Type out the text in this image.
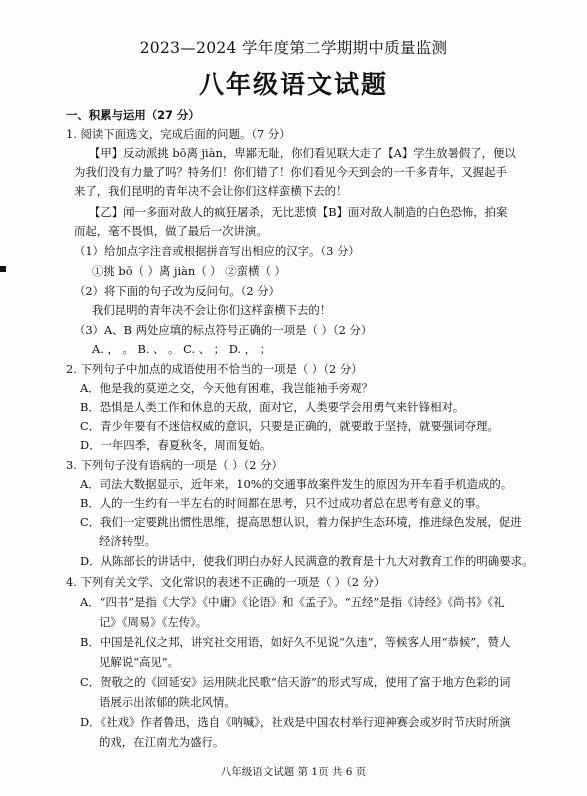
2023—2024 学年度第二学期期中质量监测
八年级语文试题
一、积累与运用（27 分）
1. 阅读下面选文，完成后面的问题。（7 分）
【甲】反动派挑 bō离 jiàn，卑鄙无耻，你们看见联大走了【A】学生放暑假了，便以
为我们没有力量了吗？特务们！你们错了！你们看见今天到会的一千多青年，又握起手
来了，我们昆明的青年决不会让你们这样蛮横下去的！
【乙】闻一多面对敌人的疯狂屠杀，无比悲愤【B】面对敌人制造的白色恐怖，拍案
而起，毫不畏惧，做了最后一次讲演。
（1）给加点字注音或根据拼音写出相应的汉字。（3 分）
①挑 bō（ ）离 jiàn（ ） ②蛮横（ ）
（2）将下面的句子改为反问句。（2 分）
我们昆明的青年决不会让你们这样蛮横下去的！
（3）A、B 两处应填的标点符号正确的一项是（ ）（2 分）
A. ， 。 B. 、 。 C. 、 ； D. ， ；
2. 下列句子中加点的成语使用不恰当的一项是（ ）（2 分）
A．他是我的莫逆之交，今天他有困难，我岂能袖手旁观？
B．恐惧是人类工作和休息的天敌，面对它，人类要学会用勇气来针锋相对。
C．青少年要有不迷信权威的意识，只要是正确的，就要敢于坚持，就要强词夺理。
D．一年四季，春夏秋冬，周而复始。
3. 下列句子没有语病的一项是（ ）（2 分）
A．司法大数据显示，近年来，10%的交通事故案件发生的原因为开车看手机造成的。
B．人的一生约有一半左右的时间都在思考，只不过成功者总在思考有意义的事。
C．我们一定要跳出惯性思维，提高思想认识，着力保护生态环境，推进绿色发展，促进
经济转型。
D．从陈部长的讲话中，使我们明白办好人民满意的教育是十九大对教育工作的明确要求。
4. 下列有关文学、文化常识的表述不正确的一项是（ ）（2 分）
A．“四书”是指《大学》《中庸》《论语》和《孟子》。“五经”是指《诗经》《尚书》《礼
记》《周易》《左传》。
B．中国是礼仪之邦，讲究社交用语，如好久不见说“久违”，等候客人用“恭候”，赞人
见解说“高见”。
C．贺敬之的《回延安》运用陕北民歌“信天游”的形式写成，使用了富于地方色彩的词
语展示出浓郁的陕北风情。
D．《社戏》作者鲁迅，选自《呐喊》，社戏是中国农村举行迎神赛会或岁时节庆时所演
的戏，在江南尤为盛行。
八年级语文试题 第 1页 共 6 页
